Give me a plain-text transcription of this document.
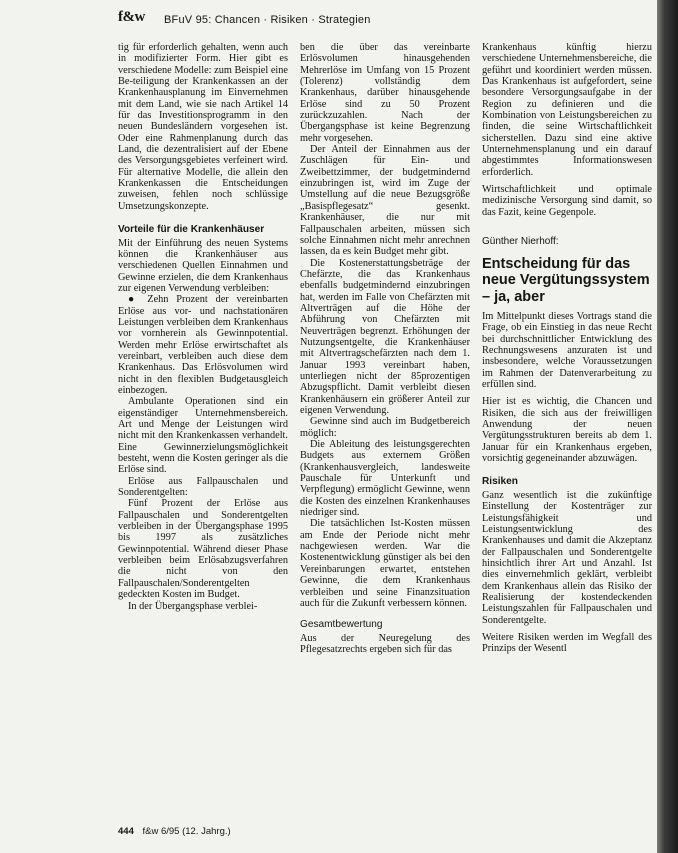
f&w BFuV 95: Chancen · Risiken · Strategien

tig für erforderlich gehalten, wenn auch in modifizierter Form. Hier gibt es verschiedene Modelle: zum Beispiel eine Be-teiligung der Krankenkassen an der Krankenhausplanung im Einvernehmen mit dem Land, wie sie nach Artikel 14 für das Investitionsprogramm in den neuen Bundesländern vorgesehen ist. Oder eine Rahmenplanung durch das Land, die dezentralisiert auf der Ebene des Versorgungsgebietes verfeinert wird. Für alternative Modelle, die allein den Krankenkassen die Entscheidungen zuweisen, fehlen noch schlüssige Umsetzungskonzepte.

Vorteile für die Krankenhäuser

Mit der Einführung des neuen Systems können die Krankenhäuser aus verschiedenen Quellen Einnahmen und Gewinne erzielen, die dem Krankenhaus zur eigenen Verwendung verbleiben:

● Zehn Prozent der vereinbarten Erlöse aus vor- und nachstationären Leistungen verbleiben dem Krankenhaus vor vornherein als Gewinnpotential. Werden mehr Erlöse erwirtschaftet als vereinbart, verbleiben auch diese dem Krankenhaus. Das Erlösvolumen wird nicht in den flexiblen Budgetausgleich einbezogen.

Ambulante Operationen sind ein eigenständiger Unternehmensbereich. Art und Menge der Leistungen wird nicht mit den Krankenkassen verhandelt. Eine Gewinnerzielungsmöglichkeit besteht, wenn die Kosten geringer als die Erlöse sind.

Erlöse aus Fallpauschalen und Sonderentgelten:

Fünf Prozent der Erlöse aus Fallpauschalen und Sonderentgelten verbleiben in der Übergangsphase 1995 bis 1997 als zusätzliches Gewinnpotential. Während dieser Phase verbleiben beim Erlösabzugsverfahren die nicht von den Fallpauschalen/Sonderentgelten gedeckten Kosten im Budget.

In der Übergangsphase verblei-

ben die über das vereinbarte Erlösvolumen hinausgehenden Mehrerlöse im Umfang von 15 Prozent (Tolerenz) vollständig dem Krankenhaus, darüber hinausgehende Erlöse sind zu 50 Prozent zurückzuzahlen. Nach der Übergangsphase ist keine Begrenzung mehr vorgesehen.

Der Anteil der Einnahmen aus der Zuschlägen für Ein- und Zweibettzimmer, der budgetmindernd einzubringen ist, wird im Zuge der Umstellung auf die neue Bezugsgröße „Basispflegesatz“ gesenkt. Krankenhäuser, die nur mit Fallpauschalen arbeiten, müssen sich solche Einnahmen nicht mehr anrechnen lassen, da es kein Budget mehr gibt.

Die Kostenerstattungsbeträge der Chefärzte, die das Krankenhaus ebenfalls budgetmindernd einzubringen hat, werden im Falle von Chefärzten mit Altverträgen auf die Höhe der Abführung von Chefärzten mit Neuverträgen begrenzt. Erhöhungen der Nutzungsentgelte, die Krankenhäuser mit Altvertragschefärzten nach dem 1. Januar 1993 vereinbart haben, unterliegen nicht der 85prozentigen Abzugspflicht. Damit verbleibt diesen Krankenhäusern ein größerer Anteil zur eigenen Verwendung.

Gewinne sind auch im Budgetbereich möglich:

Die Ableitung des leistungsgerechten Budgets aus externem Größen (Krankenhausvergleich, landesweite Pauschale für Unterkunft und Verpflegung) ermöglicht Gewinne, wenn die Kosten des einzelnen Krankenhauses niedriger sind.

Die tatsächlichen Ist-Kosten müssen am Ende der Periode nicht mehr nachgewiesen werden. War die Kostenentwicklung günstiger als bei den Vereinbarungen erwartet, entstehen Gewinne, die dem Krankenhaus verbleiben und seine Finanzsituation auch für die Zukunft verbessern können.

Gesamtbewertung

Aus der Neuregelung des Pflegesatzrechts ergeben sich für das

Krankenhaus künftig hierzu verschiedene Unternehmensbereiche, die geführt und koordiniert werden müssen. Das Krankenhaus ist aufgefordert, seine besondere Versorgungsaufgabe in der Region zu definieren und die Kombination von Leistungsbereichen zu finden, die seine Wirtschaftlichkeit sicherstellen. Dazu sind eine aktive Unternehmensplanung und ein darauf abgestimmtes Informationswesen erforderlich.

Wirtschaftlichkeit und optimale medizinische Versorgung sind damit, so das Fazit, keine Gegenpole.

Günther Nierhoff:
Entscheidung für das neue Vergütungssystem – ja, aber

Im Mittelpunkt dieses Vortrags stand die Frage, ob ein Einstieg in das neue Recht bei durchschnittlicher Entwicklung des Rechnungswesens anzuraten ist und insbesondere, welche Voraussetzungen im Rahmen der Datenverarbeitung zu erfüllen sind.

Hier ist es wichtig, die Chancen und Risiken, die sich aus der freiwilligen Anwendung der neuen Vergütungsstrukturen bereits ab dem 1. Januar für ein Krankenhaus ergeben, vorsichtig gegeneinander abzuwägen.

Risiken

Ganz wesentlich ist die zukünftige Einstellung der Kostenträger zur Leistungsfähigkeit und Leistungsentwicklung des Krankenhauses und damit die Akzeptanz der Fallpauschalen und Sonderentgelte hinsichtlich ihrer Art und Anzahl. Ist dies einvernehmlich geklärt, verbleibt dem Krankenhaus allein das Risiko der Realisierung der kostendeckenden Leistungszahlen für Fallpauschalen und Sonderentgelte.

Weitere Risiken werden im Wegfall des Prinzips der Wesentl

444 f&w 6/95 (12. Jahrg.)
